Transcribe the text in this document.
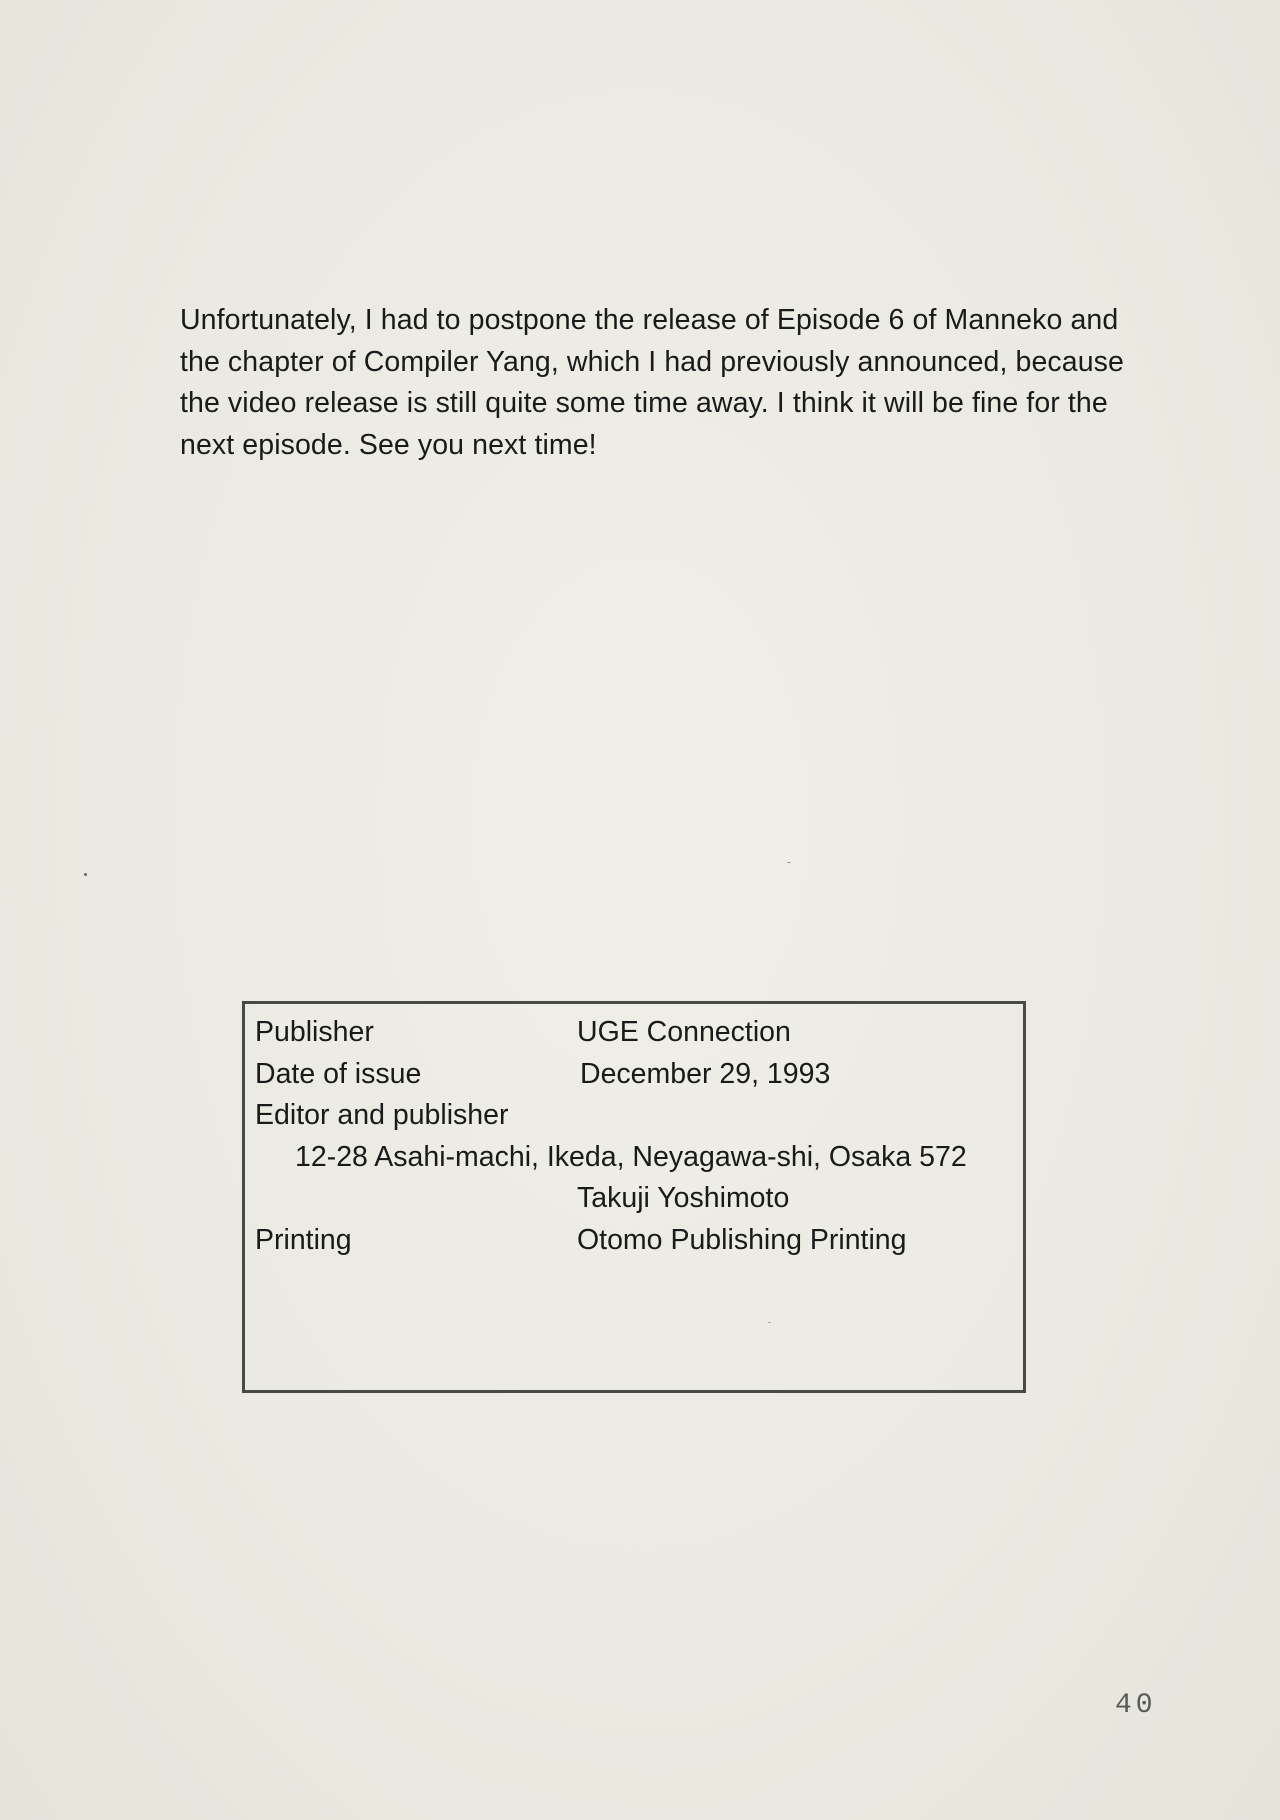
Unfortunately, I had to postpone the release of Episode 6 of Manneko and the chapter of Compiler Yang, which I had previously announced, because the video release is still quite some time away. I think it will be fine for the next episode. See you next time!

Publisher	UGE Connection
Date of issue	December 29, 1993
Editor and publisher
12-28 Asahi-machi, Ikeda, Neyagawa-shi, Osaka 572
Takuji Yoshimoto
Printing	Otomo Publishing Printing
40
